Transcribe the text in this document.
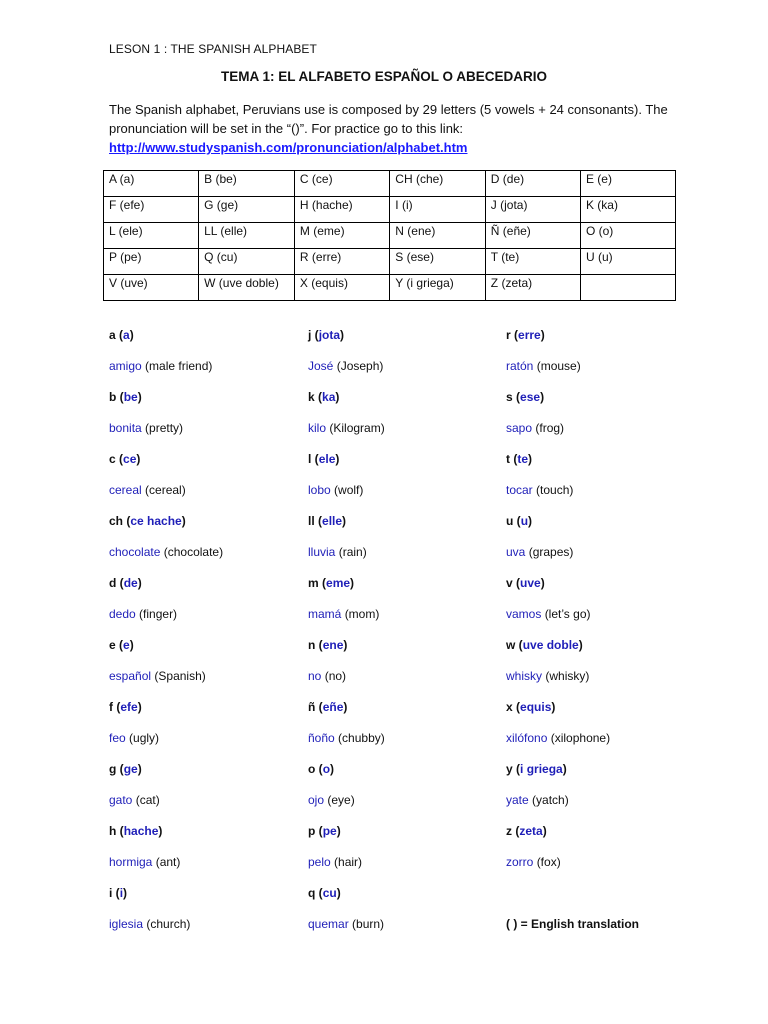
LESON 1 : THE SPANISH ALPHABET
TEMA 1: EL ALFABETO ESPAÑOL O ABECEDARIO
The Spanish alphabet, Peruvians use is composed by 29 letters (5 vowels + 24 consonants). The
pronunciation will be set in the “()”. For practice go to this link:
http://www.studyspanish.com/pronunciation/alphabet.htm
A (a)	B (be)	C (ce)	CH (che)	D (de)	E (e)
F (efe)	G (ge)	H (hache)	I (i)	J (jota)	K (ka)
L (ele)	LL (elle)	M (eme)	N (ene)	Ñ (eñe)	O (o)
P (pe)	Q (cu)	R (erre)	S (ese)	T (te)	U (u)
V (uve)	W (uve doble)	X (equis)	Y (i griega)	Z (zeta)	
a (a)
amigo (male friend)
b (be)
bonita (pretty)
c (ce)
cereal (cereal)
ch (ce hache)
chocolate (chocolate)
d (de)
dedo (finger)
e (e)
español (Spanish)
f (efe)
feo (ugly)
g (ge)
gato (cat)
h (hache)
hormiga (ant)
i (i)
iglesia (church)
j (jota)
José (Joseph)
k (ka)
kilo (Kilogram)
l (ele)
lobo (wolf)
ll (elle)
lluvia (rain)
m (eme)
mamá (mom)
n (ene)
no (no)
ñ (eñe)
ñoño (chubby)
o (o)
ojo (eye)
p (pe)
pelo (hair)
q (cu)
quemar (burn)
r (erre)
ratón (mouse)
s (ese)
sapo (frog)
t (te)
tocar (touch)
u (u)
uva (grapes)
v (uve)
vamos (let’s go)
w (uve doble)
whisky (whisky)
x (equis)
xilófono (xilophone)
y (i griega)
yate (yatch)
z (zeta)
zorro (fox)
( ) = English translation
